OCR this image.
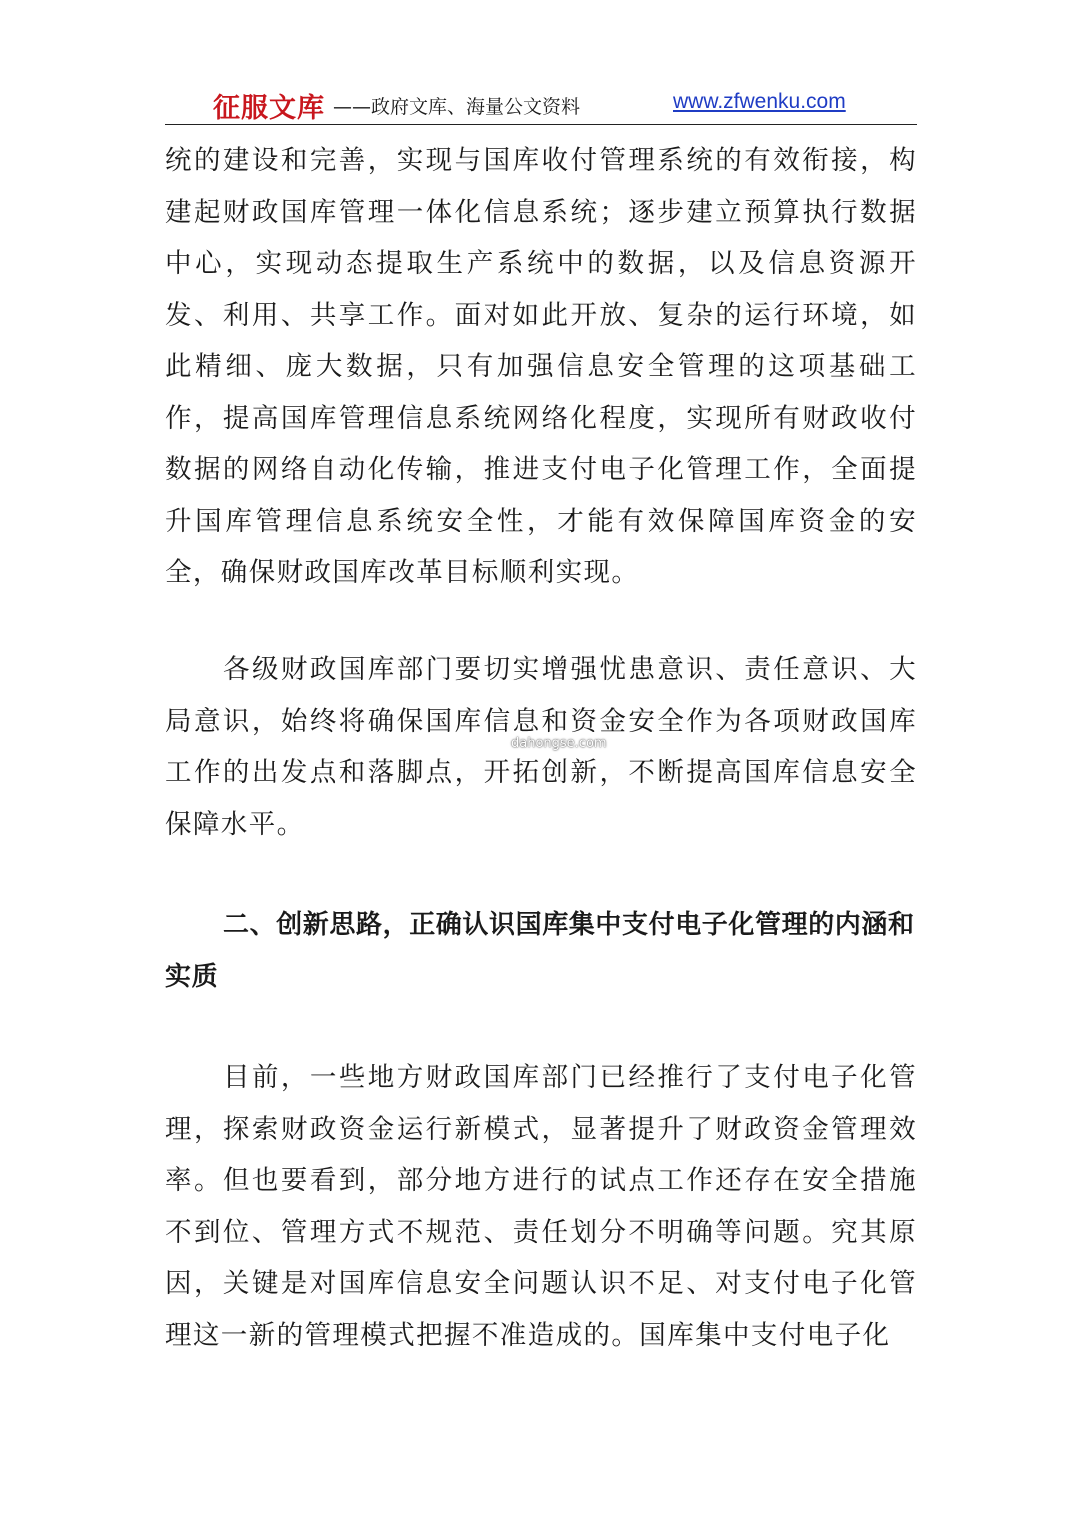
征服文库 ——政府文库、海量公文资料	www.zfwenku.com

统的建设和完善，实现与国库收付管理系统的有效衔接，构建起财政国库管理一体化信息系统；逐步建立预算执行数据中心，实现动态提取生产系统中的数据，以及信息资源开发、利用、共享工作。面对如此开放、复杂的运行环境，如此精细、庞大数据，只有加强信息安全管理的这项基础工作，提高国库管理信息系统网络化程度，实现所有财政收付数据的网络自动化传输，推进支付电子化管理工作，全面提升国库管理信息系统安全性，才能有效保障国库资金的安全，确保财政国库改革目标顺利实现。

各级财政国库部门要切实增强忧患意识、责任意识、大局意识，始终将确保国库信息和资金安全作为各项财政国库工作的出发点和落脚点，开拓创新，不断提高国库信息安全保障水平。

二、创新思路，正确认识国库集中支付电子化管理的内涵和实质

目前，一些地方财政国库部门已经推行了支付电子化管理，探索财政资金运行新模式，显著提升了财政资金管理效率。但也要看到，部分地方进行的试点工作还存在安全措施不到位、管理方式不规范、责任划分不明确等问题。究其原因，关键是对国库信息安全问题认识不足、对支付电子化管理这一新的管理模式把握不准造成的。国库集中支付电子化

dahongse.com
